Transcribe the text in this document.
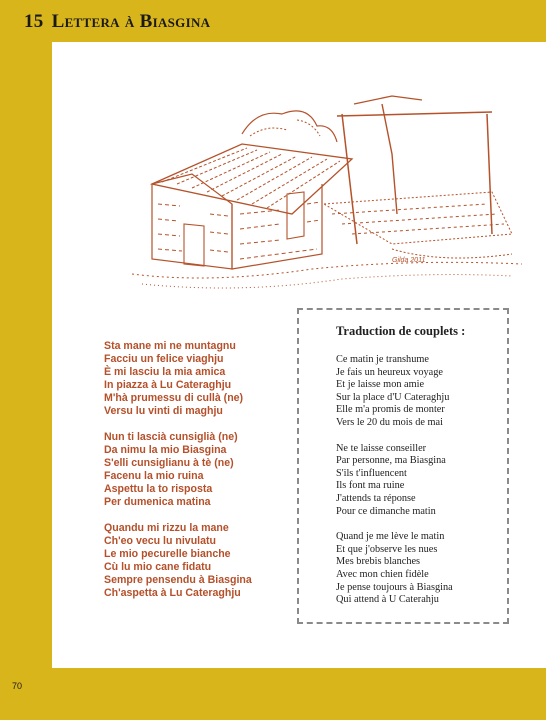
15 Lettera à Biasgina
Gilda 2011
Sta mane mi ne muntagnu
Facciu un felice viaghju
È mi lasciu la mia amica
In piazza à Lu Cateraghju
M'hà prumessu di cullà (ne)
Versu lu vinti di maghju
Nun ti lascià cunsiglià (ne)
Da nimu la mio Biasgina
S'elli cunsiglianu à tè (ne)
Facenu la mio ruina
Aspettu la to risposta
Per dumenica matina
Quandu mi rizzu la mane
Ch'eo vecu lu nivulatu
Le mio pecurelle bianche
Cù lu mio cane fidatu
Sempre pensendu à Biasgina
Ch'aspetta à Lu Cateraghju
Traduction de couplets :
Ce matin je transhume
Je fais un heureux voyage
Et je laisse mon amie
Sur la place d'U Cateraghju
Elle m'a promis de monter
Vers le 20 du mois de mai
Ne te laisse conseiller
Par personne, ma Biasgina
S'ils t'influencent
Ils font ma ruine
J'attends ta réponse
Pour ce dimanche matin
Quand je me lève le matin
Et que j'observe les nues
Mes brebis blanches
Avec mon chien fidèle
Je pense toujours à Biasgina
Qui attend à U Caterahju
70
